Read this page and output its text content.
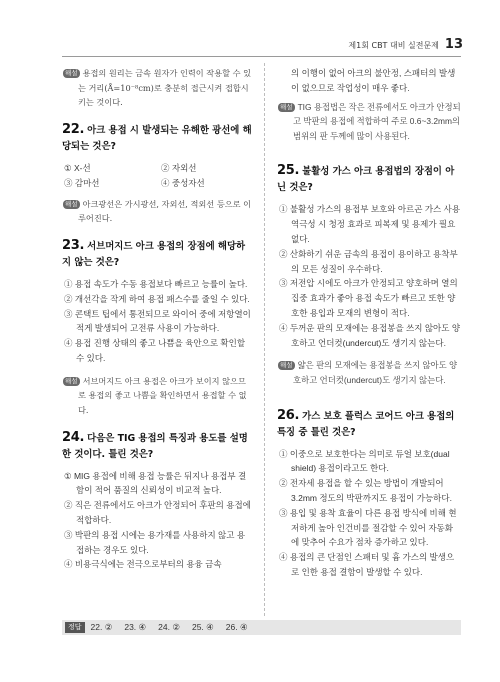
제1회 CBT 대비 실전문제 13

해설 용접의 원리는 금속 원자가 인력이 작용할 수 있는 거리(Å=10⁻⁸cm)로 충분히 접근시켜 접합시키는 것이다.

22. 아크 용접 시 발생되는 유해한 광선에 해당되는 것은?
① X-선	② 자외선
③ 감마선	④ 중성자선

해설 아크광선은 가시광선, 자외선, 적외선 등으로 이루어진다.

23. 서브머지드 아크 용접의 장점에 해당하지 않는 것은?
① 용접 속도가 수동 용접보다 빠르고 능률이 높다.
② 개선각을 작게 하여 용접 패스수를 줄일 수 있다.
③ 콘택트 팁에서 통전되므로 와이어 중에 저항열이 적게 발생되어 고전류 사용이 가능하다.
④ 용접 진행 상태의 좋고 나쁨을 육안으로 확인할 수 있다.

해설 서브머지드 아크 용접은 아크가 보이지 않으므로 용접의 좋고 나쁨을 확인하면서 용접할 수 없다.

24. 다음은 TIG 용접의 특징과 용도를 설명한 것이다. 틀린 것은?
① MIG 용접에 비해 용접 능률은 뒤지나 용접부 결함이 적어 품질의 신뢰성이 비교적 높다.
② 직은 전류에서도 아크가 안정되어 후판의 용접에 적합하다.
③ 박판의 용접 시에는 용가재를 사용하지 않고 용접하는 경우도 있다.
④ 비용극식에는 전극으로부터의 용융 금속
의 이행이 없어 아크의 불안정, 스패터의 발생이 없으므로 작업성이 매우 좋다.

해설 TIG 용접법은 작은 전류에서도 아크가 안정되고 박판의 용접에 적합하여 주로 0.6~3.2mm의 범위의 판 두께에 많이 사용된다.

25. 불활성 가스 아크 용접법의 장점이 아닌 것은?
① 불활성 가스의 용접부 보호와 아르곤 가스 사용 역극성 시 청정 효과로 피복제 및 용제가 필요 없다.
② 산화하기 쉬운 금속의 용접이 용이하고 용착부의 모든 성질이 우수하다.
③ 저전압 시에도 아크가 안정되고 양호하며 열의 집중 효과가 좋아 용접 속도가 빠르고 또한 양호한 용입과 모재의 변형이 적다.
④ 두꺼운 판의 모재에는 용접봉을 쓰지 않아도 양호하고 언더컷(undercut)도 생기지 않는다.

해설 얇은 판의 모재에는 용접봉을 쓰지 않아도 양호하고 언더컷(undercut)도 생기지 않는다.

26. 가스 보호 플럭스 코어드 아크 용접의 특징 중 틀린 것은?
① 이중으로 보호한다는 의미로 듀얼 보호(dual shield) 용접이라고도 한다.
② 전자세 용접을 할 수 있는 방법이 개발되어 3.2mm 정도의 박판까지도 용접이 가능하다.
③ 용입 및 용착 효율이 다른 용접 방식에 비해 현저하게 높아 인건비를 절감할 수 있어 자동화에 맞추어 수요가 점차 증가하고 있다.
④ 용접의 큰 단점인 스패터 및 흄 가스의 발생으로 인한 용접 결함이 발생할 수 있다.
정답	22. ② 23. ④ 24. ② 25. ④ 26. ④
